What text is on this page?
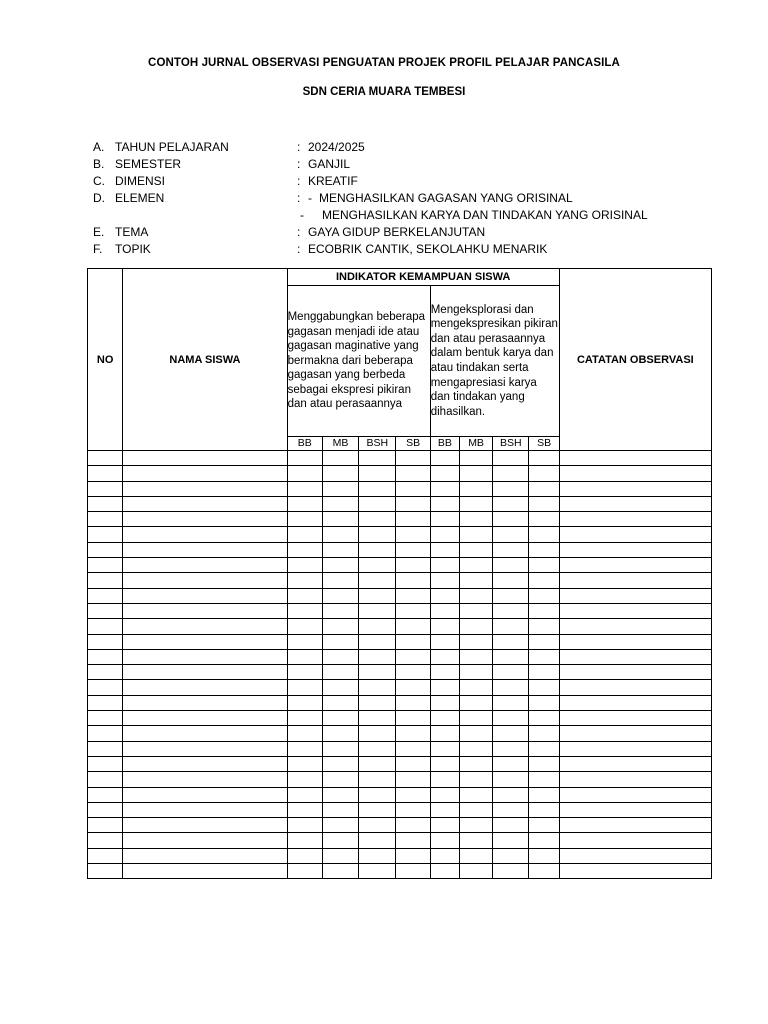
CONTOH JURNAL OBSERVASI PENGUATAN PROJEK PROFIL PELAJAR PANCASILA
SDN CERIA MUARA TEMBESI
A. TAHUN PELAJARAN	: 2024/2025
B. SEMESTER	: GANJIL
C. DIMENSI	: KREATIF
D. ELEMEN	: - MENGHASILKAN GAGASAN YANG ORISINAL
- MENGHASILKAN KARYA DAN TINDAKAN YANG ORISINAL
E. TEMA	: GAYA GIDUP BERKELANJUTAN
F. TOPIK	: ECOBRIK CANTIK, SEKOLAHKU MENARIK
NO	NAMA SISWA	INDIKATOR KEMAMPUAN SISWA								CATATAN OBSERVASI
		Menggabungkan beberapa gagasan menjadi ide atau gagasan maginative yang bermakna dari beberapa gagasan yang berbeda sebagai ekspresi pikiran dan atau perasaannya				Mengeksplorasi dan mengekspresikan pikiran dan atau perasaannya dalam bentuk karya dan atau tindakan serta mengapresiasi karya dan tindakan yang dihasilkan.				
		BB	MB	BSH	SB	BB	MB	BSH	SB	
